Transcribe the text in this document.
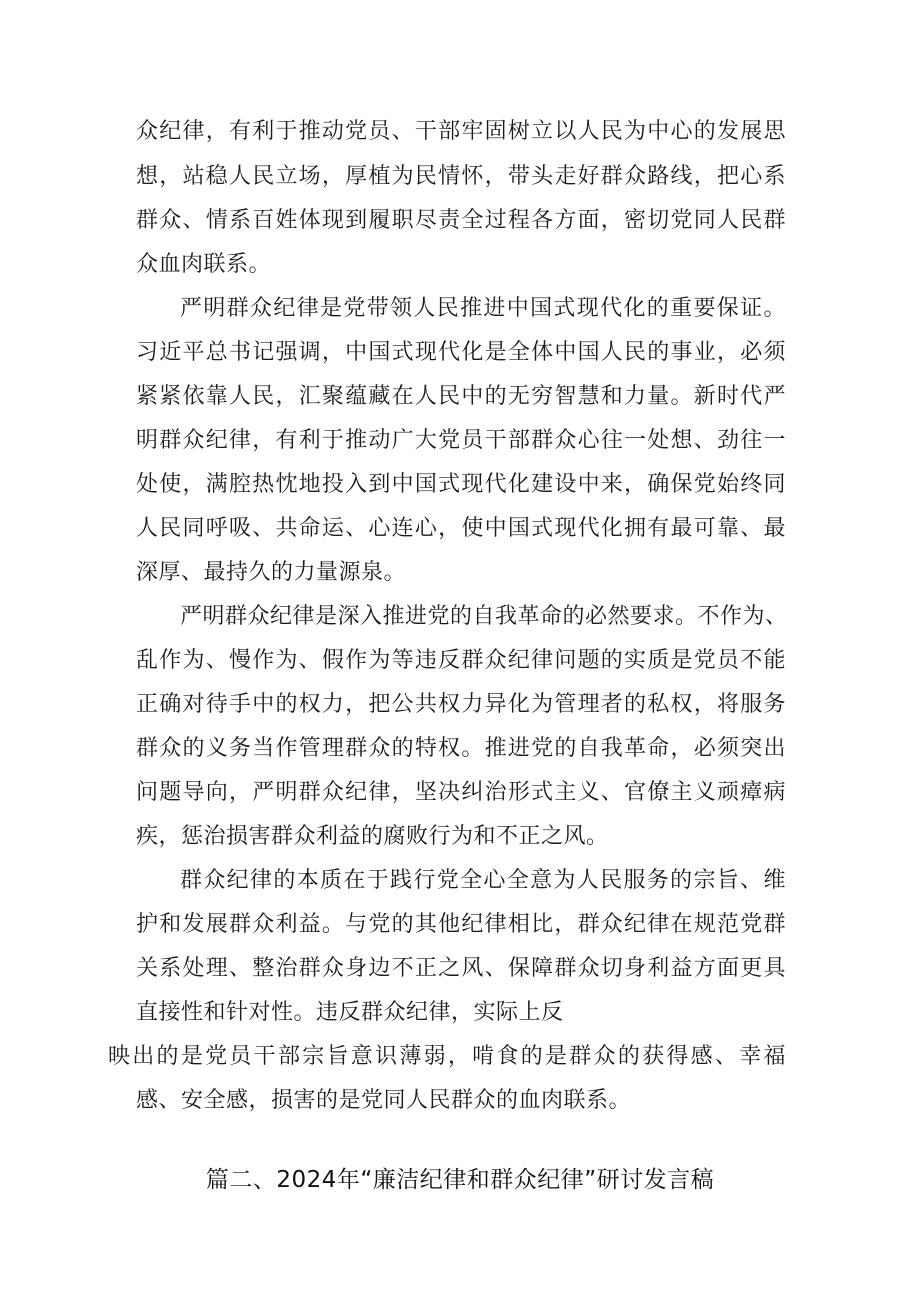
众纪律，有利于推动党员、干部牢固树立以人民为中心的发展思
想，站稳人民立场，厚植为民情怀，带头走好群众路线，把心系
群众、情系百姓体现到履职尽责全过程各方面，密切党同人民群
众血肉联系。
严明群众纪律是党带领人民推进中国式现代化的重要保证。
习近平总书记强调，中国式现代化是全体中国人民的事业，必须
紧紧依靠人民，汇聚蕴藏在人民中的无穷智慧和力量。新时代严
明群众纪律，有利于推动广大党员干部群众心往一处想、劲往一
处使，满腔热忱地投入到中国式现代化建设中来，确保党始终同
人民同呼吸、共命运、心连心，使中国式现代化拥有最可靠、最
深厚、最持久的力量源泉。
严明群众纪律是深入推进党的自我革命的必然要求。不作为、
乱作为、慢作为、假作为等违反群众纪律问题的实质是党员不能
正确对待手中的权力，把公共权力异化为管理者的私权，将服务
群众的义务当作管理群众的特权。推进党的自我革命，必须突出
问题导向，严明群众纪律，坚决纠治形式主义、官僚主义顽瘴病
疾，惩治损害群众利益的腐败行为和不正之风。
群众纪律的本质在于践行党全心全意为人民服务的宗旨、维
护和发展群众利益。与党的其他纪律相比，群众纪律在规范党群
关系处理、整治群众身边不正之风、保障群众切身利益方面更具
直接性和针对性。违反群众纪律，实际上反
映出的是党员干部宗旨意识薄弱，啃食的是群众的获得感、幸福
感、安全感，损害的是党同人民群众的血肉联系。
篇二、2024年“廉洁纪律和群众纪律”研讨发言稿
